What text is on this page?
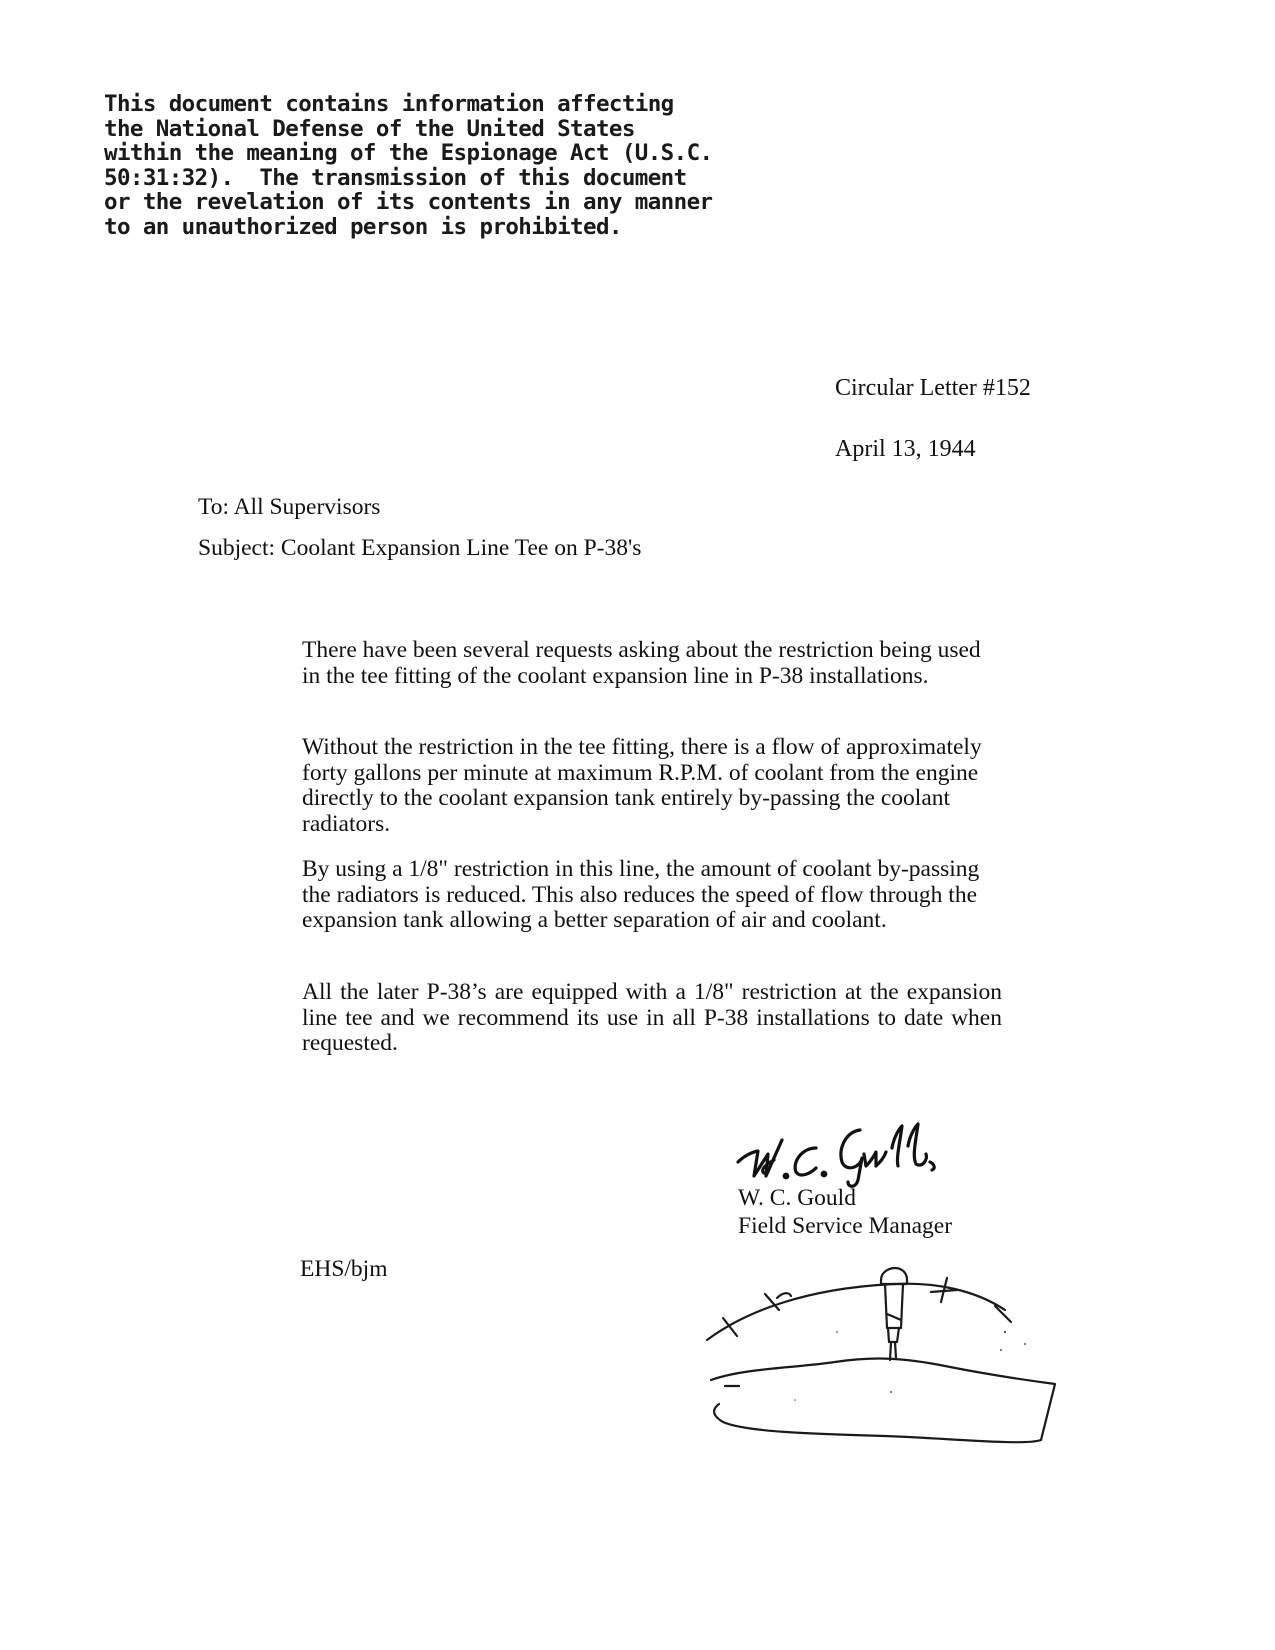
This document contains information affecting
the National Defense of the United States
within the meaning of the Espionage Act (U.S.C.
50:31:32).  The transmission of this document
or the revelation of its contents in any manner
to an unauthorized person is prohibited.
Circular Letter #152
April 13, 1944
To: All Supervisors
Subject: Coolant Expansion Line Tee on P-38's

There have been several requests asking about the restriction being used in the tee fitting of the coolant expansion line in P-38 installations.

Without the restriction in the tee fitting, there is a flow of approximately forty gallons per minute at maximum R.P.M. of coolant from the engine directly to the coolant expansion tank entirely by-passing the coolant radiators.

By using a 1/8" restriction in this line, the amount of coolant by-passing the radiators is reduced. This also reduces the speed of flow through the expansion tank allowing a better separation of air and coolant.

All the later P-38’s are equipped with a 1/8" restriction at the expansion line tee and we recommend its use in all P-38 installations to date when requested.

W. C. Gould
Field Service Manager
EHS/bjm
